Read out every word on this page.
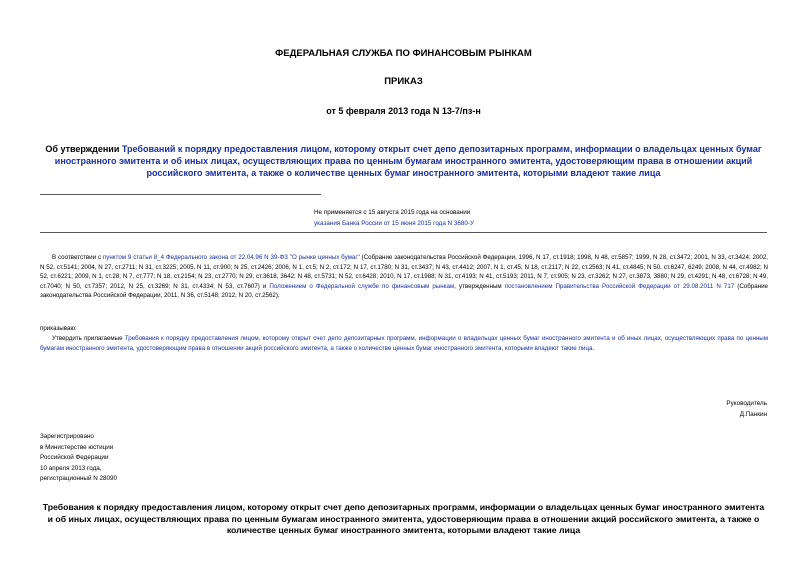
ФЕДЕРАЛЬНАЯ СЛУЖБА ПО ФИНАНСОВЫМ РЫНКАМ
ПРИКАЗ
от 5 февраля 2013 года N 13-7/пз-н
Об утверждении Требований к порядку предоставления лицом, которому открыт счет депо депозитарных программ, информации о владельцах ценных бумаг иностранного эмитента и об иных лицах, осуществляющих права по ценным бумагам иностранного эмитента, удостоверяющим права в отношении акций российского эмитента, а также о количестве ценных бумаг иностранного эмитента, которыми владеют такие лица
Не применяется с 15 августа 2015 года на основании
указания Банка России от 15 июня 2015 года N 3680-У
В соответствии с пунктом 9 статьи 8_4 Федерального закона от 22.04.96 N 39-ФЗ "О рынке ценных бумаг" (Собрание законодательства Российской Федерации, 1996, N 17, ст.1918; 1998, N 48, ст.5857; 1999, N 28, ст.3472; 2001, N 33, ст.3424; 2002, N 52, ст.5141; 2004, N 27, ст.2711; N 31, ст.3225; 2005, N 11, ст.900; N 25, ст.2426; 2006, N 1, ст.5; N 2, ст.172; N 17, ст.1780; N 31, ст.3437; N 43, ст.4412; 2007, N 1, ст.45; N 18, ст.2117; N 22, ст.2563; N 41, ст.4845; N 50, ст.6247, 6249; 2008, N 44, ст.4982; N 52, ст.6221; 2009, N 1, ст.28; N 7, ст.777; N 18, ст.2154; N 23, ст.2770; N 29, ст.3618, 3642; N 48, ст.5731; N 52, ст.6428; 2010, N 17, ст.1988; N 31, ст.4193; N 41, ст.5193; 2011, N 7, ст.905; N 23, ст.3262; N 27, ст.3873, 3880; N 29, ст.4291; N 48, ст.6728; N 49, ст.7040; N 50, ст.7357; 2012, N 25, ст.3269; N 31, ст.4334; N 53, ст.7607) и Положением о Федеральной службе по финансовым рынкам, утвержденным постановлением Правительства Российской Федерации от 29.08.2011 N 717 (Собрание законодательства Российской Федерации, 2011, N 36, ст.5148; 2012, N 20, ст.2562),
приказываю:
Утвердить прилагаемые Требования к порядку предоставления лицом, которому открыт счет депо депозитарных программ, информации о владельцах ценных бумаг иностранного эмитента и об иных лицах, осуществляющих права по ценным бумагам иностранного эмитента, удостоверяющим права в отношении акций российского эмитента, а также о количестве ценных бумаг иностранного эмитента, которыми владеют такие лица.
Руководитель
Д.Панкин
Зарегистрировано
в Министерстве юстиции
Российской Федерации
10 апреля 2013 года,
регистрационный N 28090
Требования к порядку предоставления лицом, которому открыт счет депо депозитарных программ, информации о владельцах ценных бумаг иностранного эмитента и об иных лицах, осуществляющих права по ценным бумагам иностранного эмитента, удостоверяющим права в отношении акций российского эмитента, а также о количестве ценных бумаг иностранного эмитента, которыми владеют такие лица
